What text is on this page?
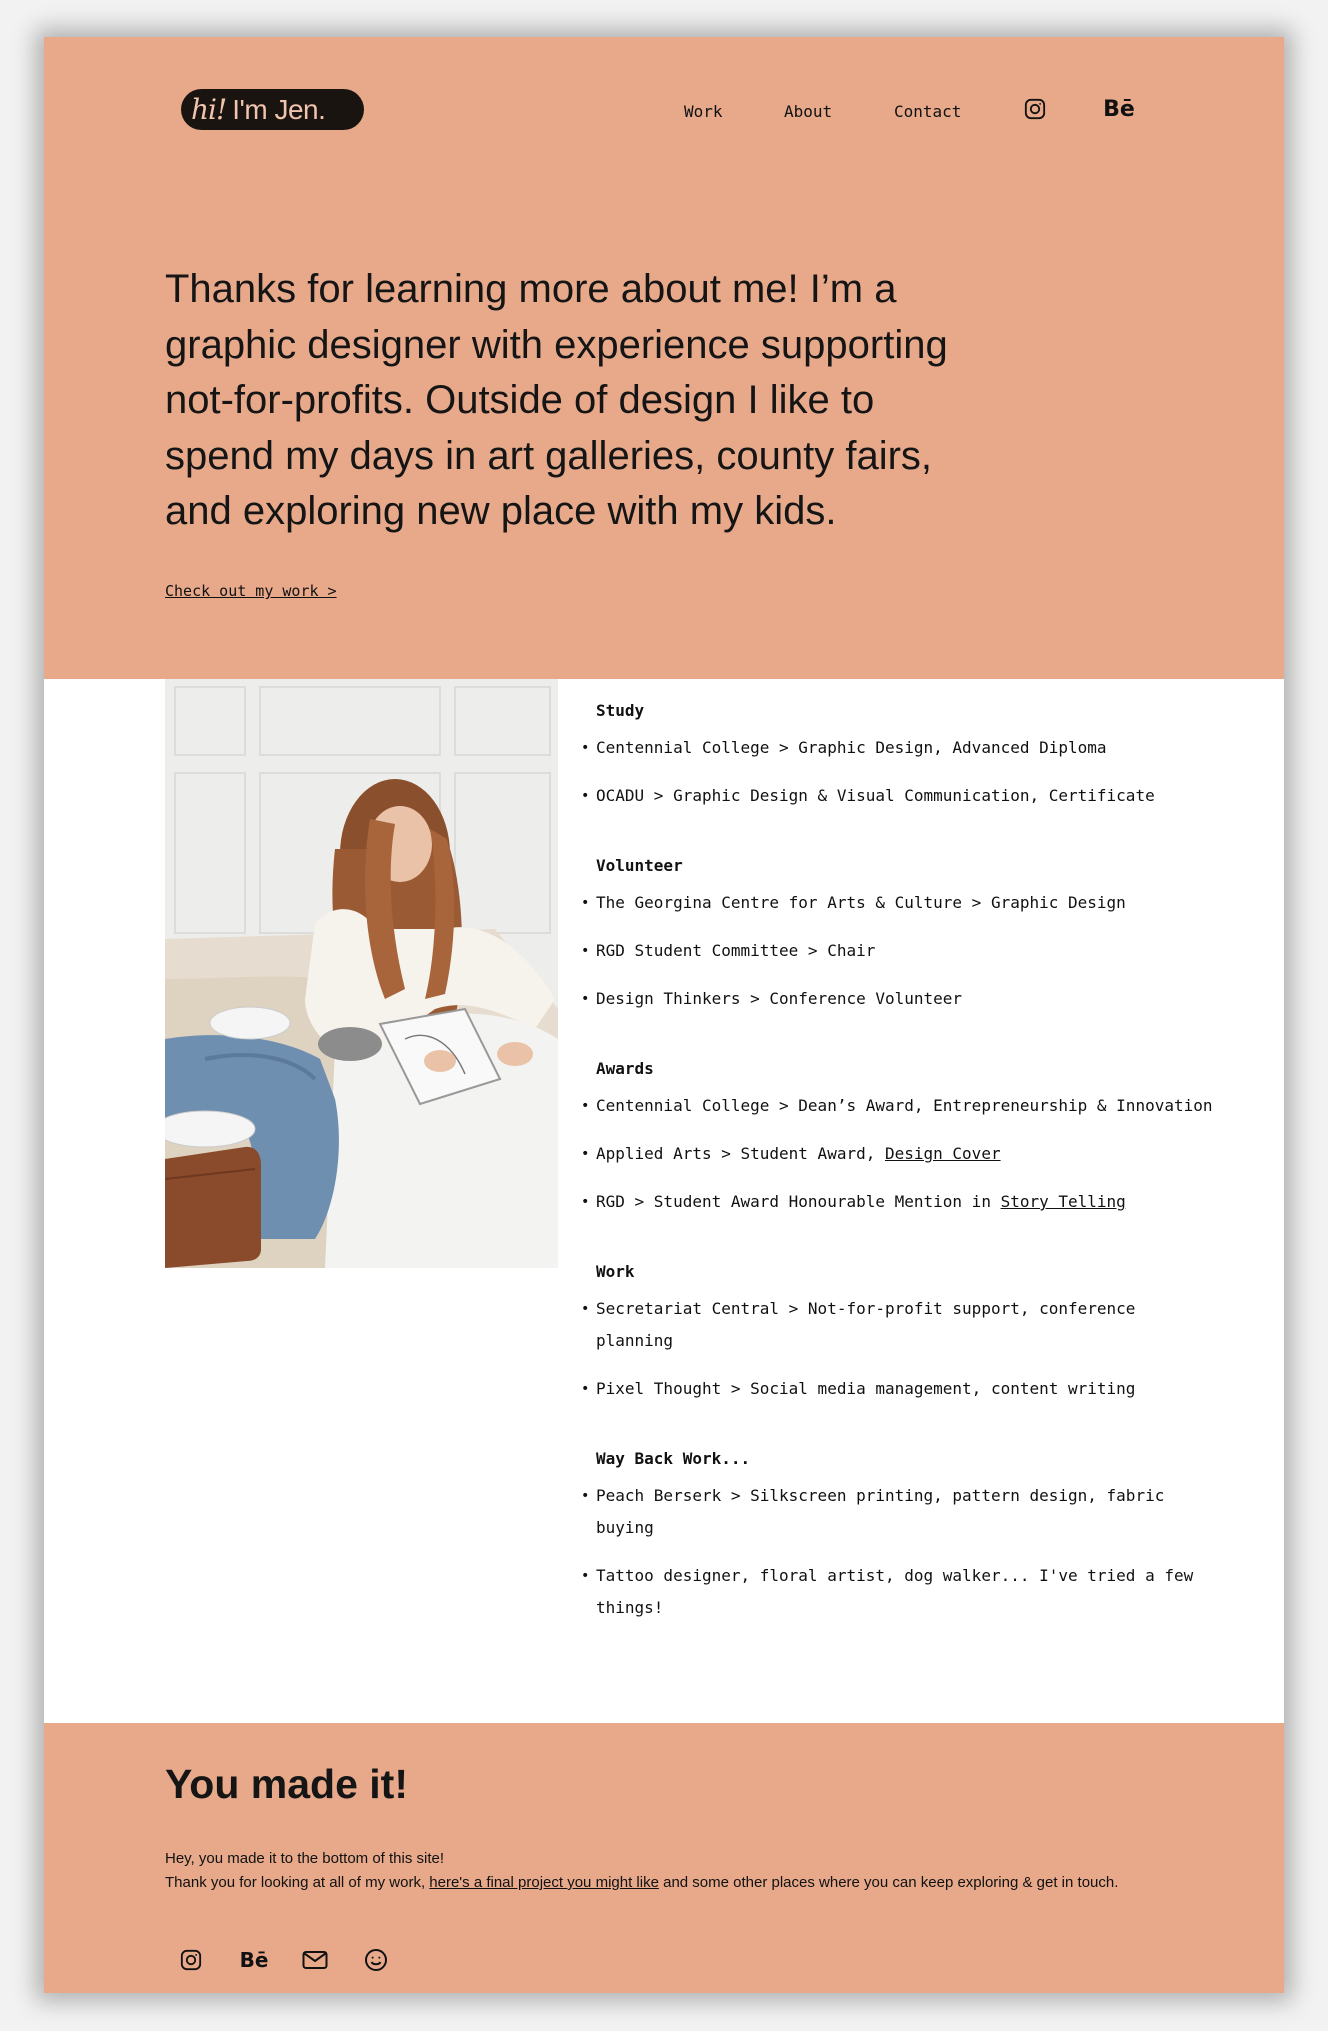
hi! I'm Jen.	Work	About	Contact	Bē

Thanks for learning more about me! I’m a graphic designer with experience supporting not-for-profits. Outside of design I like to spend my days in art galleries, county fairs, and exploring new place with my kids.

Check out my work >
Study
• Centennial College > Graphic Design, Advanced Diploma
• OCADU > Graphic Design & Visual Communication, Certificate
Volunteer
• The Georgina Centre for Arts & Culture > Graphic Design
• RGD Student Committee > Chair
• Design Thinkers > Conference Volunteer
Awards
• Centennial College > Dean’s Award, Entrepreneurship & Innovation
• Applied Arts > Student Award, Design Cover
• RGD > Student Award Honourable Mention in Story Telling
Work
• Secretariat Central > Not-for-profit support, conference planning
• Pixel Thought > Social media management, content writing
Way Back Work...
• Peach Berserk > Silkscreen printing, pattern design, fabric buying
• Tattoo designer, floral artist, dog walker... I've tried a few things!
You made it!
Hey, you made it to the bottom of this site!
Thank you for looking at all of my work, here's a final project you might like and some other places where you can keep exploring & get in touch.
Bē
